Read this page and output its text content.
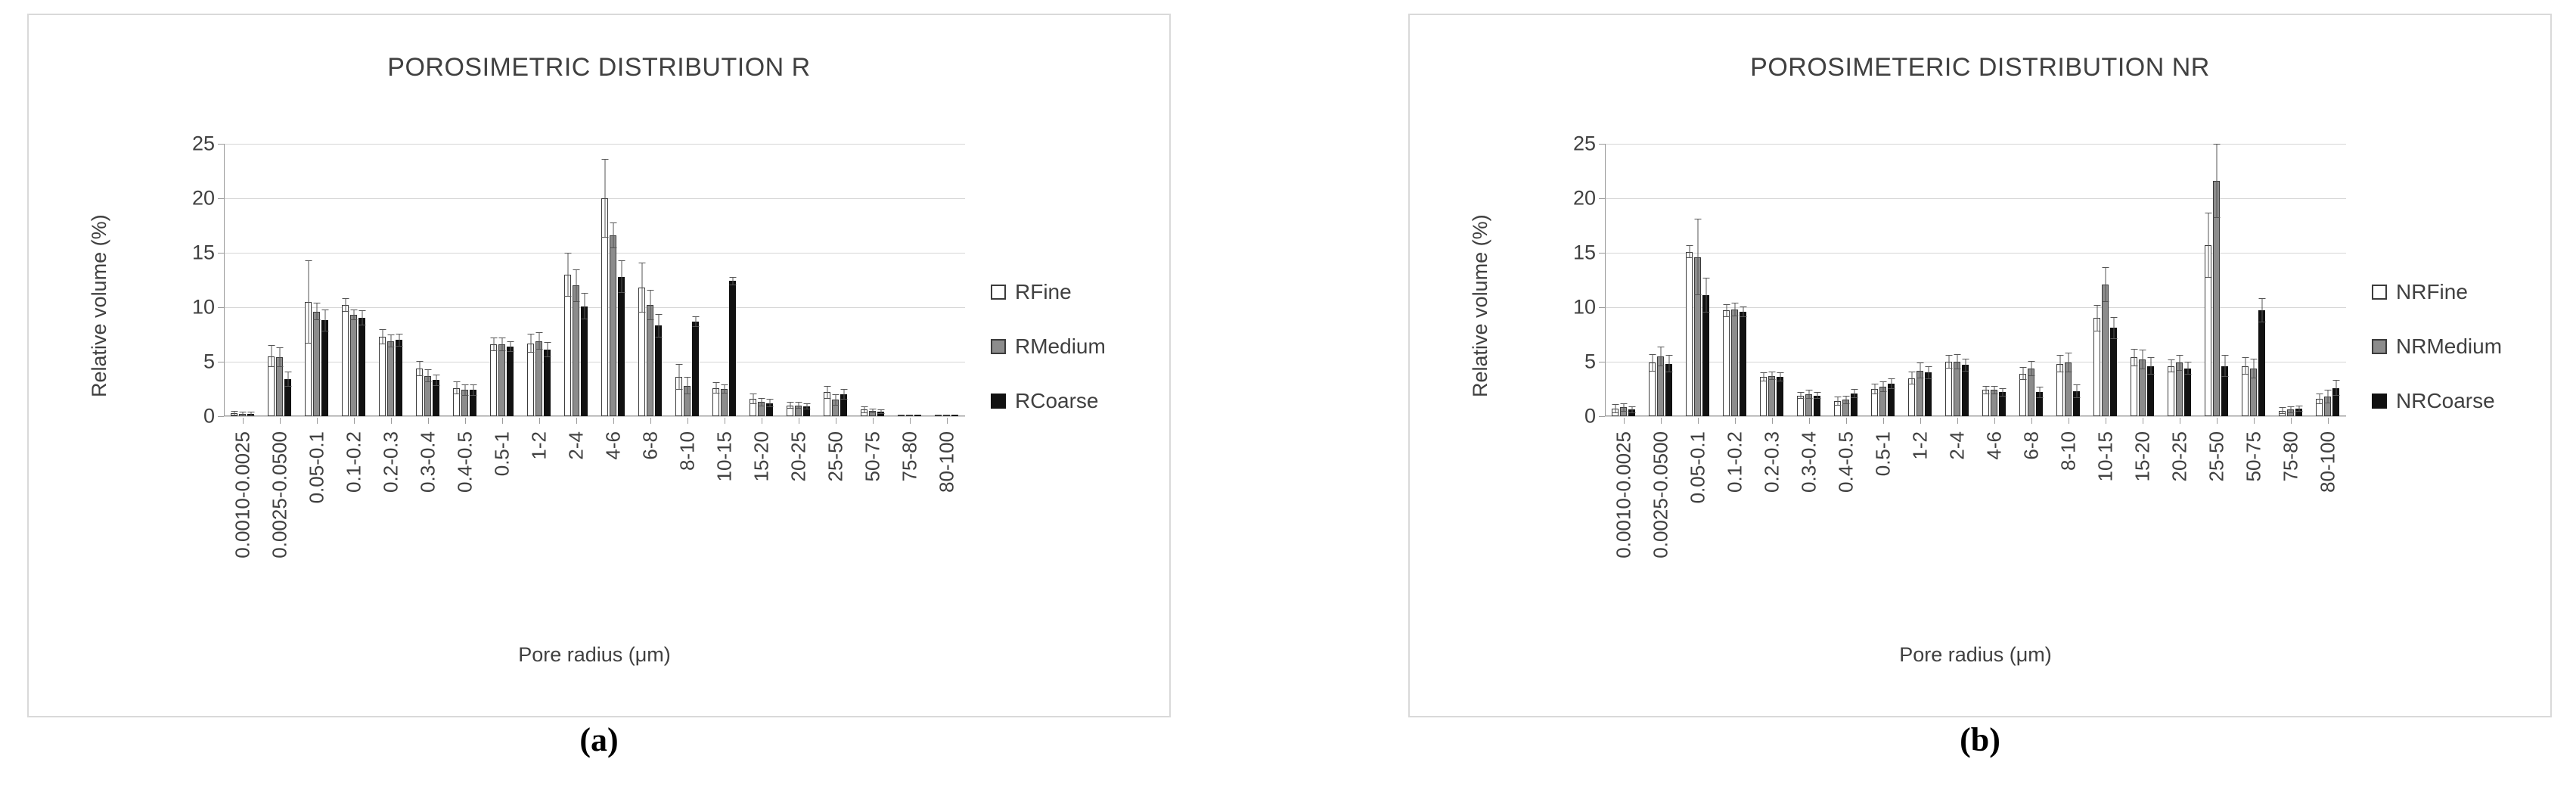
POROSIMETRIC DISTRIBUTION R
Relative volume (%)
0
5
10
15
20
25
0.0010-0.0025 0.0025-0.0500 0.05-0.1 0.1-0.2 0.2-0.3 0.3-0.4 0.4-0.5 0.5-1 1-2 2-4 4-6 6-8 8-10 10-15 15-20 20-25 25-50 50-75 75-80 80-100
Pore radius (μm)
RFine
RMedium
RCoarse
(a)
POROSIMETERIC DISTRIBUTION NR
Relative volume (%)
0
5
10
15
20
25
0.0010-0.0025 0.0025-0.0500 0.05-0.1 0.1-0.2 0.2-0.3 0.3-0.4 0.4-0.5 0.5-1 1-2 2-4 4-6 6-8 8-10 10-15 15-20 20-25 25-50 50-75 75-80 80-100
Pore radius (μm)
NRFine
NRMedium
NRCoarse
(b)
